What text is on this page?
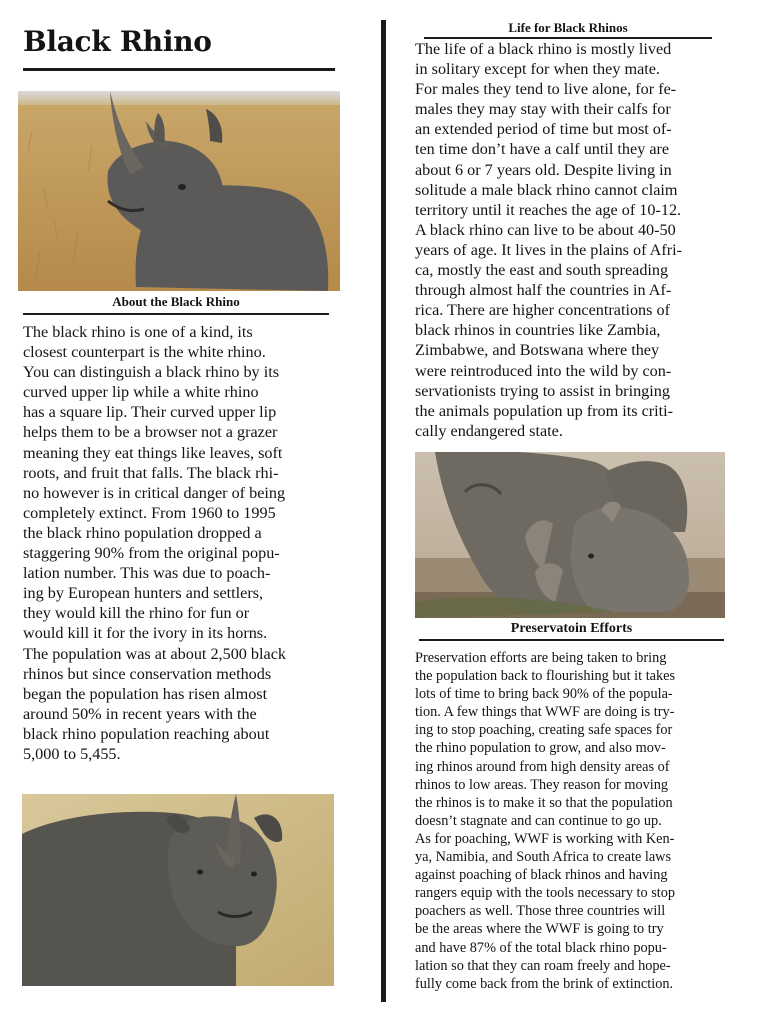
Black Rhino
About the Black Rhino

The black rhino is one of a kind, its

closest counterpart is the white rhino.

You can distinguish a black rhino by its

curved upper lip while a white rhino

has a square lip. Their curved upper lip

helps them to be a browser not a grazer

meaning they eat things like leaves, soft

roots, and fruit that falls. The black rhi-

no however is in critical danger of being

completely extinct. From 1960 to 1995

the black rhino population dropped a

staggering 90% from the original popu-

lation number. This was due to poach-

ing by European hunters and settlers,

they would kill the rhino for fun or

would kill it for the ivory in its horns.

The population was at about 2,500 black

rhinos but since conservation methods

began the population has risen almost

around 50% in recent years with the

black rhino population reaching about

5,000 to 5,455.

Life for Black Rhinos

The life of a black rhino is mostly lived

in solitary except for when they mate.

For males they tend to live alone, for fe-

males they may stay with their calfs for

an extended period of time but most of-

ten time don’t have a calf until they are

about 6 or 7 years old. Despite living in

solitude a male black rhino cannot claim

territory until it reaches the age of 10-12.

A black rhino can live to be about 40-50

years of age. It lives in the plains of Afri-

ca, mostly the east and south spreading

through almost half the countries in Af-

rica. There are higher concentrations of

black rhinos in countries like Zambia,

Zimbabwe, and Botswana where they

were reintroduced into the wild by con-

servationists trying to assist in bringing

the animals population up from its criti-

cally endangered state.

Preservatoin Efforts

Preservation efforts are being taken to bring

the population back to flourishing but it takes

lots of time to bring back 90% of the popula-

tion. A few things that WWF are doing is try-

ing to stop poaching, creating safe spaces for

the rhino population to grow, and also mov-

ing rhinos around from high density areas of

rhinos to low areas. They reason for moving

the rhinos is to make it so that the population

doesn’t stagnate and can continue to go up.

As for poaching, WWF is working with Ken-

ya, Namibia, and South Africa to create laws

against poaching of black rhinos and having

rangers equip with the tools necessary to stop

poachers as well. Those three countries will

be the areas where the WWF is going to try

and have 87% of the total black rhino popu-

lation so that they can roam freely and hope-

fully come back from the brink of extinction.
